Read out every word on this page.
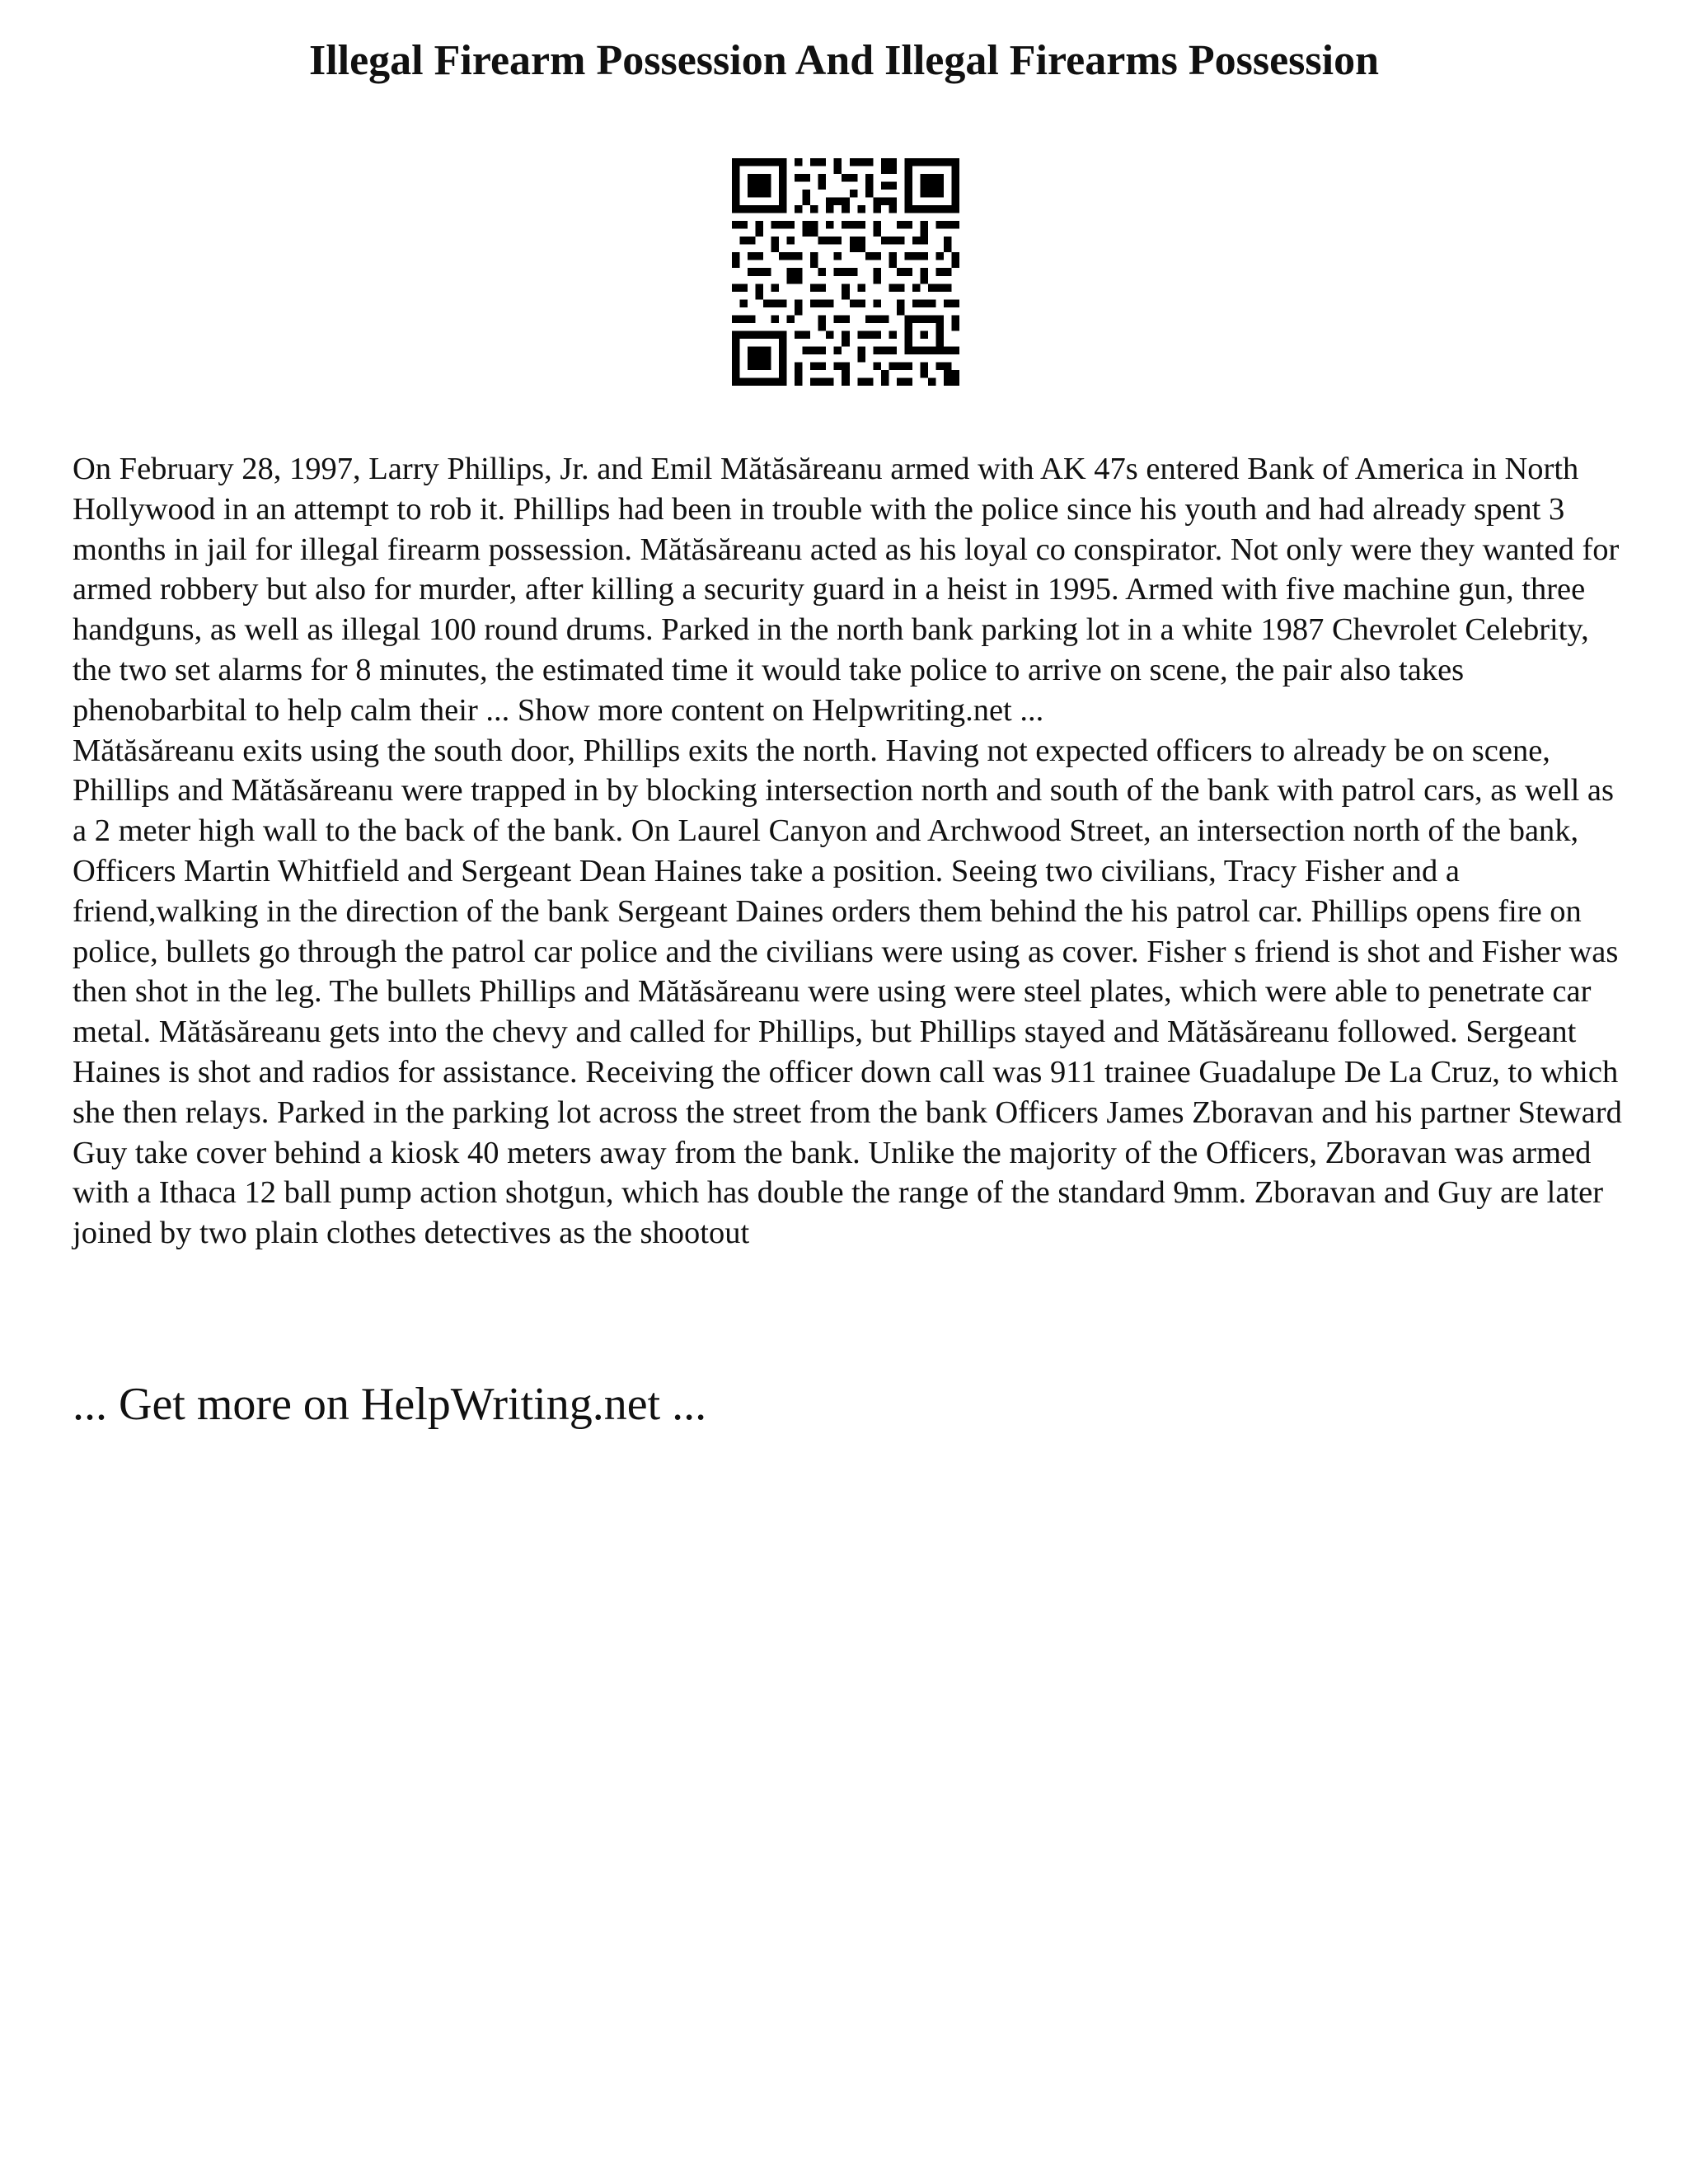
Illegal Firearm Possession And Illegal Firearms Possession

On February 28, 1997, Larry Phillips, Jr. and Emil Mătăsăreanu armed with AK 47s entered Bank of America in North Hollywood in an attempt to rob it. Phillips had been in trouble with the police since his youth and had already spent 3 months in jail for illegal firearm possession. Mătăsăreanu acted as his loyal co conspirator. Not only were they wanted for armed robbery but also for murder, after killing a security guard in a heist in 1995. Armed with five machine gun, three handguns, as well as illegal 100 round drums. Parked in the north bank parking lot in a white 1987 Chevrolet Celebrity, the two set alarms for 8 minutes, the estimated time it would take police to arrive on scene, the pair also takes phenobarbital to help calm their ... Show more content on Helpwriting.net ...

Mătăsăreanu exits using the south door, Phillips exits the north. Having not expected officers to already be on scene, Phillips and Mătăsăreanu were trapped in by blocking intersection north and south of the bank with patrol cars, as well as a 2 meter high wall to the back of the bank. On Laurel Canyon and Archwood Street, an intersection north of the bank, Officers Martin Whitfield and Sergeant Dean Haines take a position. Seeing two civilians, Tracy Fisher and a friend,walking in the direction of the bank Sergeant Daines orders them behind the his patrol car. Phillips opens fire on police, bullets go through the patrol car police and the civilians were using as cover. Fisher s friend is shot and Fisher was then shot in the leg. The bullets Phillips and Mătăsăreanu were using were steel plates, which were able to penetrate car metal. Mătăsăreanu gets into the chevy and called for Phillips, but Phillips stayed and Mătăsăreanu followed. Sergeant Haines is shot and radios for assistance. Receiving the officer down call was 911 trainee Guadalupe De La Cruz, to which she then relays. Parked in the parking lot across the street from the bank Officers James Zboravan and his partner Steward Guy take cover behind a kiosk 40 meters away from the bank. Unlike the majority of the Officers, Zboravan was armed with a Ithaca 12 ball pump action shotgun, which has double the range of the standard 9mm. Zboravan and Guy are later joined by two plain clothes detectives as the shootout

... Get more on HelpWriting.net ...
